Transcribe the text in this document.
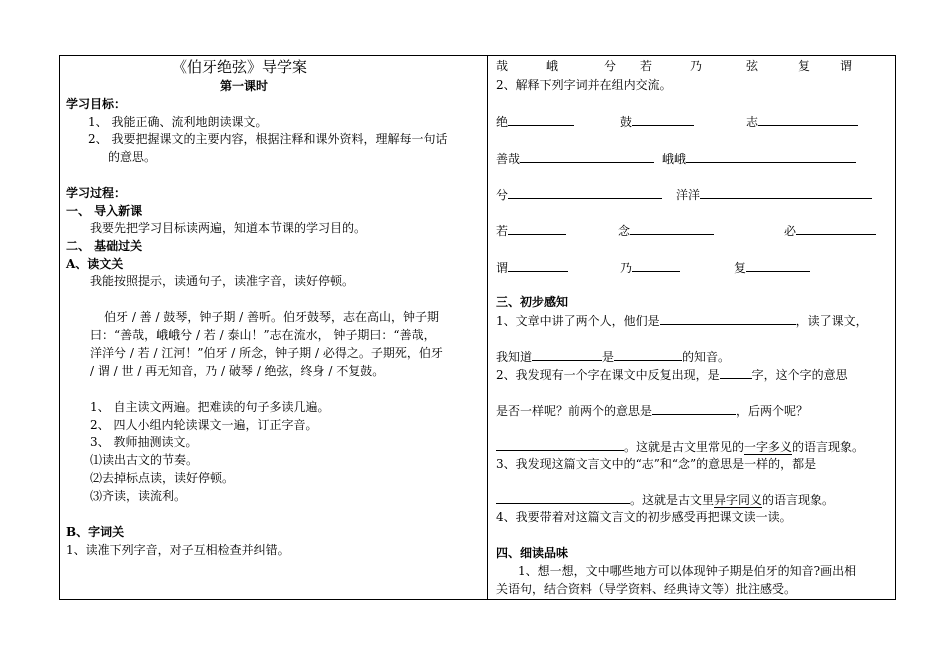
《伯牙绝弦》导学案
第一课时
学习目标：
1、 我能正确、流利地朗读课文。
2、 我要把握课文的主要内容，根据注释和课外资料，理解每一句话
的意思。
学习过程：
一、 导入新课
我要先把学习目标读两遍，知道本节课的学习目的。
二、 基础过关
A、读文关
我能按照提示，读通句子，读准字音，读好停顿。
伯牙 / 善 / 鼓琴，钟子期 / 善听。伯牙鼓琴，志在高山，钟子期
曰：“善哉，峨峨兮 / 若 / 泰山！”志在流水， 钟子期曰：“善哉，
洋洋兮 / 若 / 江河！”伯牙 / 所念，钟子期 / 必得之。子期死，伯牙
/ 谓 / 世 / 再无知音，乃 / 破琴 / 绝弦，终身 / 不复鼓。
1、 自主读文两遍。把难读的句子多读几遍。
2、 四人小组内轮读课文一遍，订正字音。
3、 教师抽测读文。
⑴读出古文的节奏。
⑵去掉标点读，读好停顿。
⑶齐读，读流利。
B、字词关
1、读准下列字音，对子互相检查并纠错。
哉	峨	兮 若	乃	弦	复 谓
2、解释下列字词并在组内交流。
绝	鼓	志
善哉	峨峨
兮	洋洋
若	念	必
谓	乃	复
三、初步感知
1、文章中讲了两个人，他们是	，读了课文，
我知道	是	的知音。
2、我发现有一个字在课文中反复出现，是	字，这个字的意思
是否一样呢？前两个的意思是	，后两个呢？
。这就是古文里常见的一字多义的语言现象。
3、我发现这篇文言文中的“志”和“念”的意思是一样的，都是
。这就是古文里异字同义的语言现象。
4、我要带着对这篇文言文的初步感受再把课文读一读。
四、细读品味
1、想一想，文中哪些地方可以体现钟子期是伯牙的知音?画出相
关语句，结合资料（导学资料、经典诗文等）批注感受。
